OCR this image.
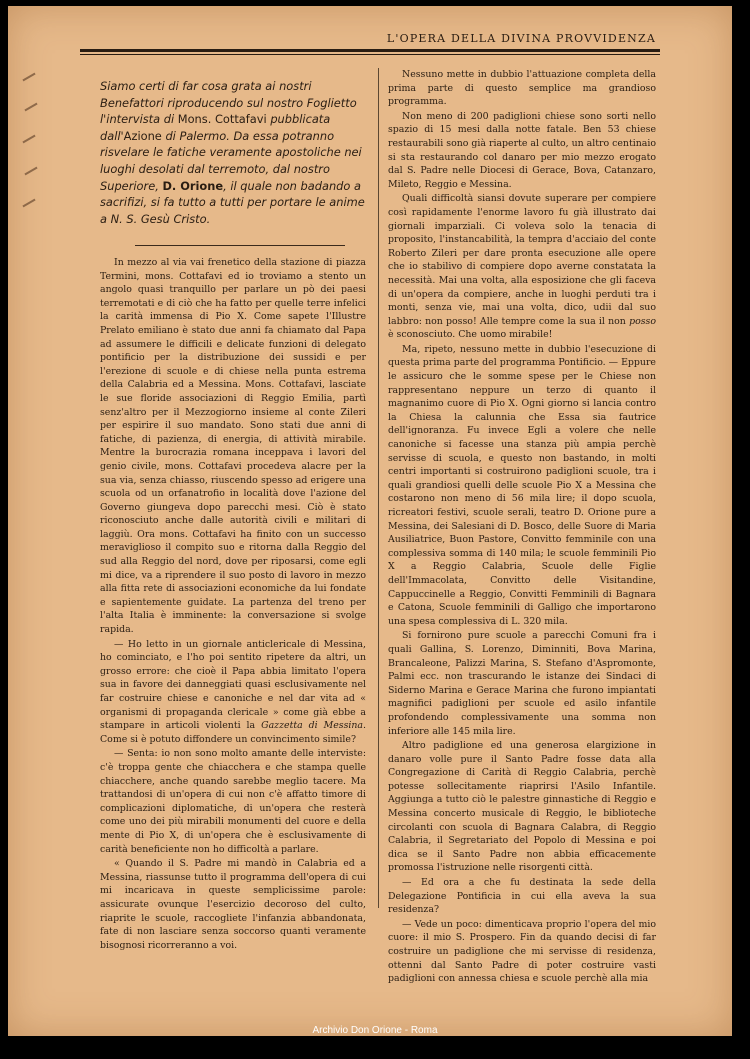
L'OPERA DELLA DIVINA PROVVIDENZA

Siamo certi di far cosa grata ai nostri Benefattori riproducendo sul nostro Foglietto l'intervista di Mons. Cottafavi pubblicata dall'Azione di Palermo. Da essa potranno risvelare le fatiche veramente apostoliche nei luoghi desolati dal terremoto, dal nostro Superiore, D. Orione, il quale non badando a sacrifizi, si fa tutto a tutti per portare le anime a N. S. Gesù Cristo.

In mezzo al via vai frenetico della stazione di piazza Termini, mons. Cottafavi ed io troviamo a stento un angolo quasi tranquillo per parlare un pò dei paesi terremotati e di ciò che ha fatto per quelle terre infelici la carità immensa di Pio X. Come sapete l'Illustre Prelato emiliano è stato due anni fa chiamato dal Papa ad assumere le difficili e delicate funzioni di delegato pontificio per la distribuzione dei sussidi e per l'erezione di scuole e di chiese nella punta estrema della Calabria ed a Messina. Mons. Cottafavi, lasciate le sue floride associazioni di Reggio Emilia, partì senz'altro per il Mezzogiorno insieme al conte Zileri per espirire il suo mandato. Sono stati due anni di fatiche, di pazienza, di energia, di attività mirabile. Mentre la burocrazia romana inceppava i lavori del genio civile, mons. Cottafavi procedeva alacre per la sua via, senza chiasso, riuscendo spesso ad erigere una scuola od un orfanatrofio in località dove l'azione del Governo giungeva dopo parecchi mesi. Ciò è stato riconosciuto anche dalle autorità civili e militari di laggiù. Ora mons. Cottafavi ha finito con un successo meraviglioso il compito suo e ritorna dalla Reggio del sud alla Reggio del nord, dove per riposarsi, come egli mi dice, va a riprendere il suo posto di lavoro in mezzo alla fitta rete di associazioni economiche da lui fondate e sapientemente guidate. La partenza del treno per l'alta Italia è imminente: la conversazione si svolge rapida.

— Ho letto in un giornale anticlericale di Messina, ho cominciato, e l'ho poi sentito ripetere da altri, un grosso errore: che cioè il Papa abbia limitato l'opera sua in favore dei danneggiati quasi esclusivamente nel far costruire chiese e canoniche e nel dar vita ad « organismi di propaganda clericale » come già ebbe a stampare in articoli violenti la Gazzetta di Messina. Come si è potuto diffondere un convincimento simile?

— Senta: io non sono molto amante delle interviste: c'è troppa gente che chiacchera e che stampa quelle chiacchere, anche quando sarebbe meglio tacere. Ma trattandosi di un'opera di cui non c'è affatto timore di complicazioni diplomatiche, di un'opera che resterà come uno dei più mirabili monumenti del cuore e della mente di Pio X, di un'opera che è esclusivamente di carità beneficiente non ho difficoltà a parlare.

« Quando il S. Padre mi mandò in Calabria ed a Messina, riassunse tutto il programma dell'opera di cui mi incaricava in queste semplicissime parole: assicurate ovunque l'esercizio decoroso del culto, riaprite le scuole, raccogliete l'infanzia abbandonata, fate di non lasciare senza soccorso quanti veramente bisognosi ricorreranno a voi.

Nessuno mette in dubbio l'attuazione completa della prima parte di questo semplice ma grandioso programma.

Non meno di 200 padiglioni chiese sono sorti nello spazio di 15 mesi dalla notte fatale. Ben 53 chiese restaurabili sono già riaperte al culto, un altro centinaio si sta restaurando col danaro per mio mezzo erogato dal S. Padre nelle Diocesi di Gerace, Bova, Catanzaro, Mileto, Reggio e Messina.

Quali difficoltà siansi dovute superare per compiere così rapidamente l'enorme lavoro fu già illustrato dai giornali imparziali. Ci voleva solo la tenacia di proposito, l'instancabilità, la tempra d'acciaio del conte Roberto Zileri per dare pronta esecuzione alle opere che io stabilivo di compiere dopo averne constatata la necessità. Mai una volta, alla esposizione che gli faceva di un'opera da compiere, anche in luoghi perduti tra i monti, senza vie, mai una volta, dico, udii dal suo labbro: non posso! Alle tempre come la sua il non posso è sconosciuto. Che uomo mirabile!

Ma, ripeto, nessuno mette in dubbio l'esecuzione di questa prima parte del programma Pontificio. — Eppure le assicuro che le somme spese per le Chiese non rappresentano neppure un terzo di quanto il magnanimo cuore di Pio X. Ogni giorno si lancia contro la Chiesa la calunnia che Essa sia fautrice dell'ignoranza. Fu invece Egli a volere che nelle canoniche si facesse una stanza più ampia perchè servisse di scuola, e questo non bastando, in molti centri importanti si costruirono padiglioni scuole, tra i quali grandiosi quelli delle scuole Pio X a Messina che costarono non meno di 56 mila lire; il dopo scuola, ricreatori festivi, scuole serali, teatro D. Orione pure a Messina, dei Salesiani di D. Bosco, delle Suore di Maria Ausiliatrice, Buon Pastore, Convitto femminile con una complessiva somma di 140 mila; le scuole femminili Pio X a Reggio Calabria, Scuole delle Figlie dell'Immacolata, Convitto delle Visitandine, Cappuccinelle a Reggio, Convitti Femminili di Bagnara e Catona, Scuole femminili di Galligo che importarono una spesa complessiva di L. 320 mila.

Si fornirono pure scuole a parecchi Comuni fra i quali Gallina, S. Lorenzo, Diminniti, Bova Marina, Brancaleone, Palizzi Marina, S. Stefano d'Aspromonte, Palmi ecc. non trascurando le istanze dei Sindaci di Siderno Marina e Gerace Marina che furono impiantati magnifici padiglioni per scuole ed asilo infantile profondendo complessivamente una somma non inferiore alle 145 mila lire.

Altro padiglione ed una generosa elargizione in danaro volle pure il Santo Padre fosse data alla Congregazione di Carità di Reggio Calabria, perchè potesse sollecitamente riaprirsi l'Asilo Infantile. Aggiunga a tutto ciò le palestre ginnastiche di Reggio e Messina concerto musicale di Reggio, le biblioteche circolanti con scuola di Bagnara Calabra, di Reggio Calabria, il Segretariato del Popolo di Messina e poi dica se il Santo Padre non abbia efficacemente promossa l'istruzione nelle risorgenti città.

— Ed ora a che fu destinata la sede della Delegazione Pontificia in cui ella aveva la sua residenza?

— Vede un poco: dimenticava proprio l'opera del mio cuore: il mio S. Prospero. Fin da quando decisi di far costruire un padiglione che mi servisse di residenza, ottenni dal Santo Padre di poter costruire vasti padiglioni con annessa chiesa e scuole perchè alla mia

Archivio Don Orione - Roma
